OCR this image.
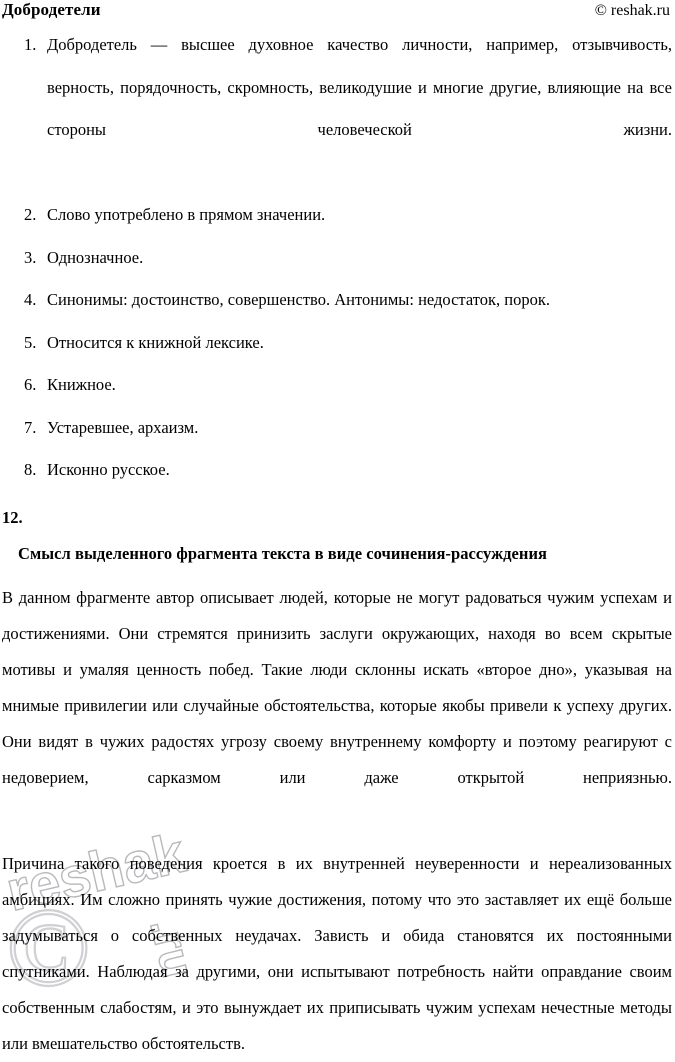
©
reshak
.ru
Добродетели	© reshak.ru
1. Добродетель — высшее духовное качество личности, например, отзывчивость, верность, порядочность, скромность, великодушие и многие другие, влияющие на все стороны человеческой жизни.
2. Слово употреблено в прямом значении.
3. Однозначное.
4. Синонимы: достоинство, совершенство. Антонимы: недостаток, порок.
5. Относится к книжной лексике.
6. Книжное.
7. Устаревшее, архаизм.
8. Исконно русское.
12.
Смысл выделенного фрагмента текста в виде сочинения-рассуждения

В данном фрагменте автор описывает людей, которые не могут радоваться чужим успехам и достижениями. Они стремятся принизить заслуги окружающих, находя во всем скрытые мотивы и умаляя ценность побед. Такие люди склонны искать «второе дно», указывая на мнимые привилегии или случайные обстоятельства, которые якобы привели к успеху других. Они видят в чужих радостях угрозу своему внутреннему комфорту и поэтому реагируют с недоверием, сарказмом или даже открытой неприязнью.

Причина такого поведения кроется в их внутренней неуверенности и нереализованных амбициях. Им сложно принять чужие достижения, потому что это заставляет их ещё больше задумываться о собственных неудачах. Зависть и обида становятся их постоянными спутниками. Наблюдая за другими, они испытывают потребность найти оправдание своим собственным слабостям, и это вынуждает их приписывать чужим успехам нечестные методы или вмешательство обстоятельств.
